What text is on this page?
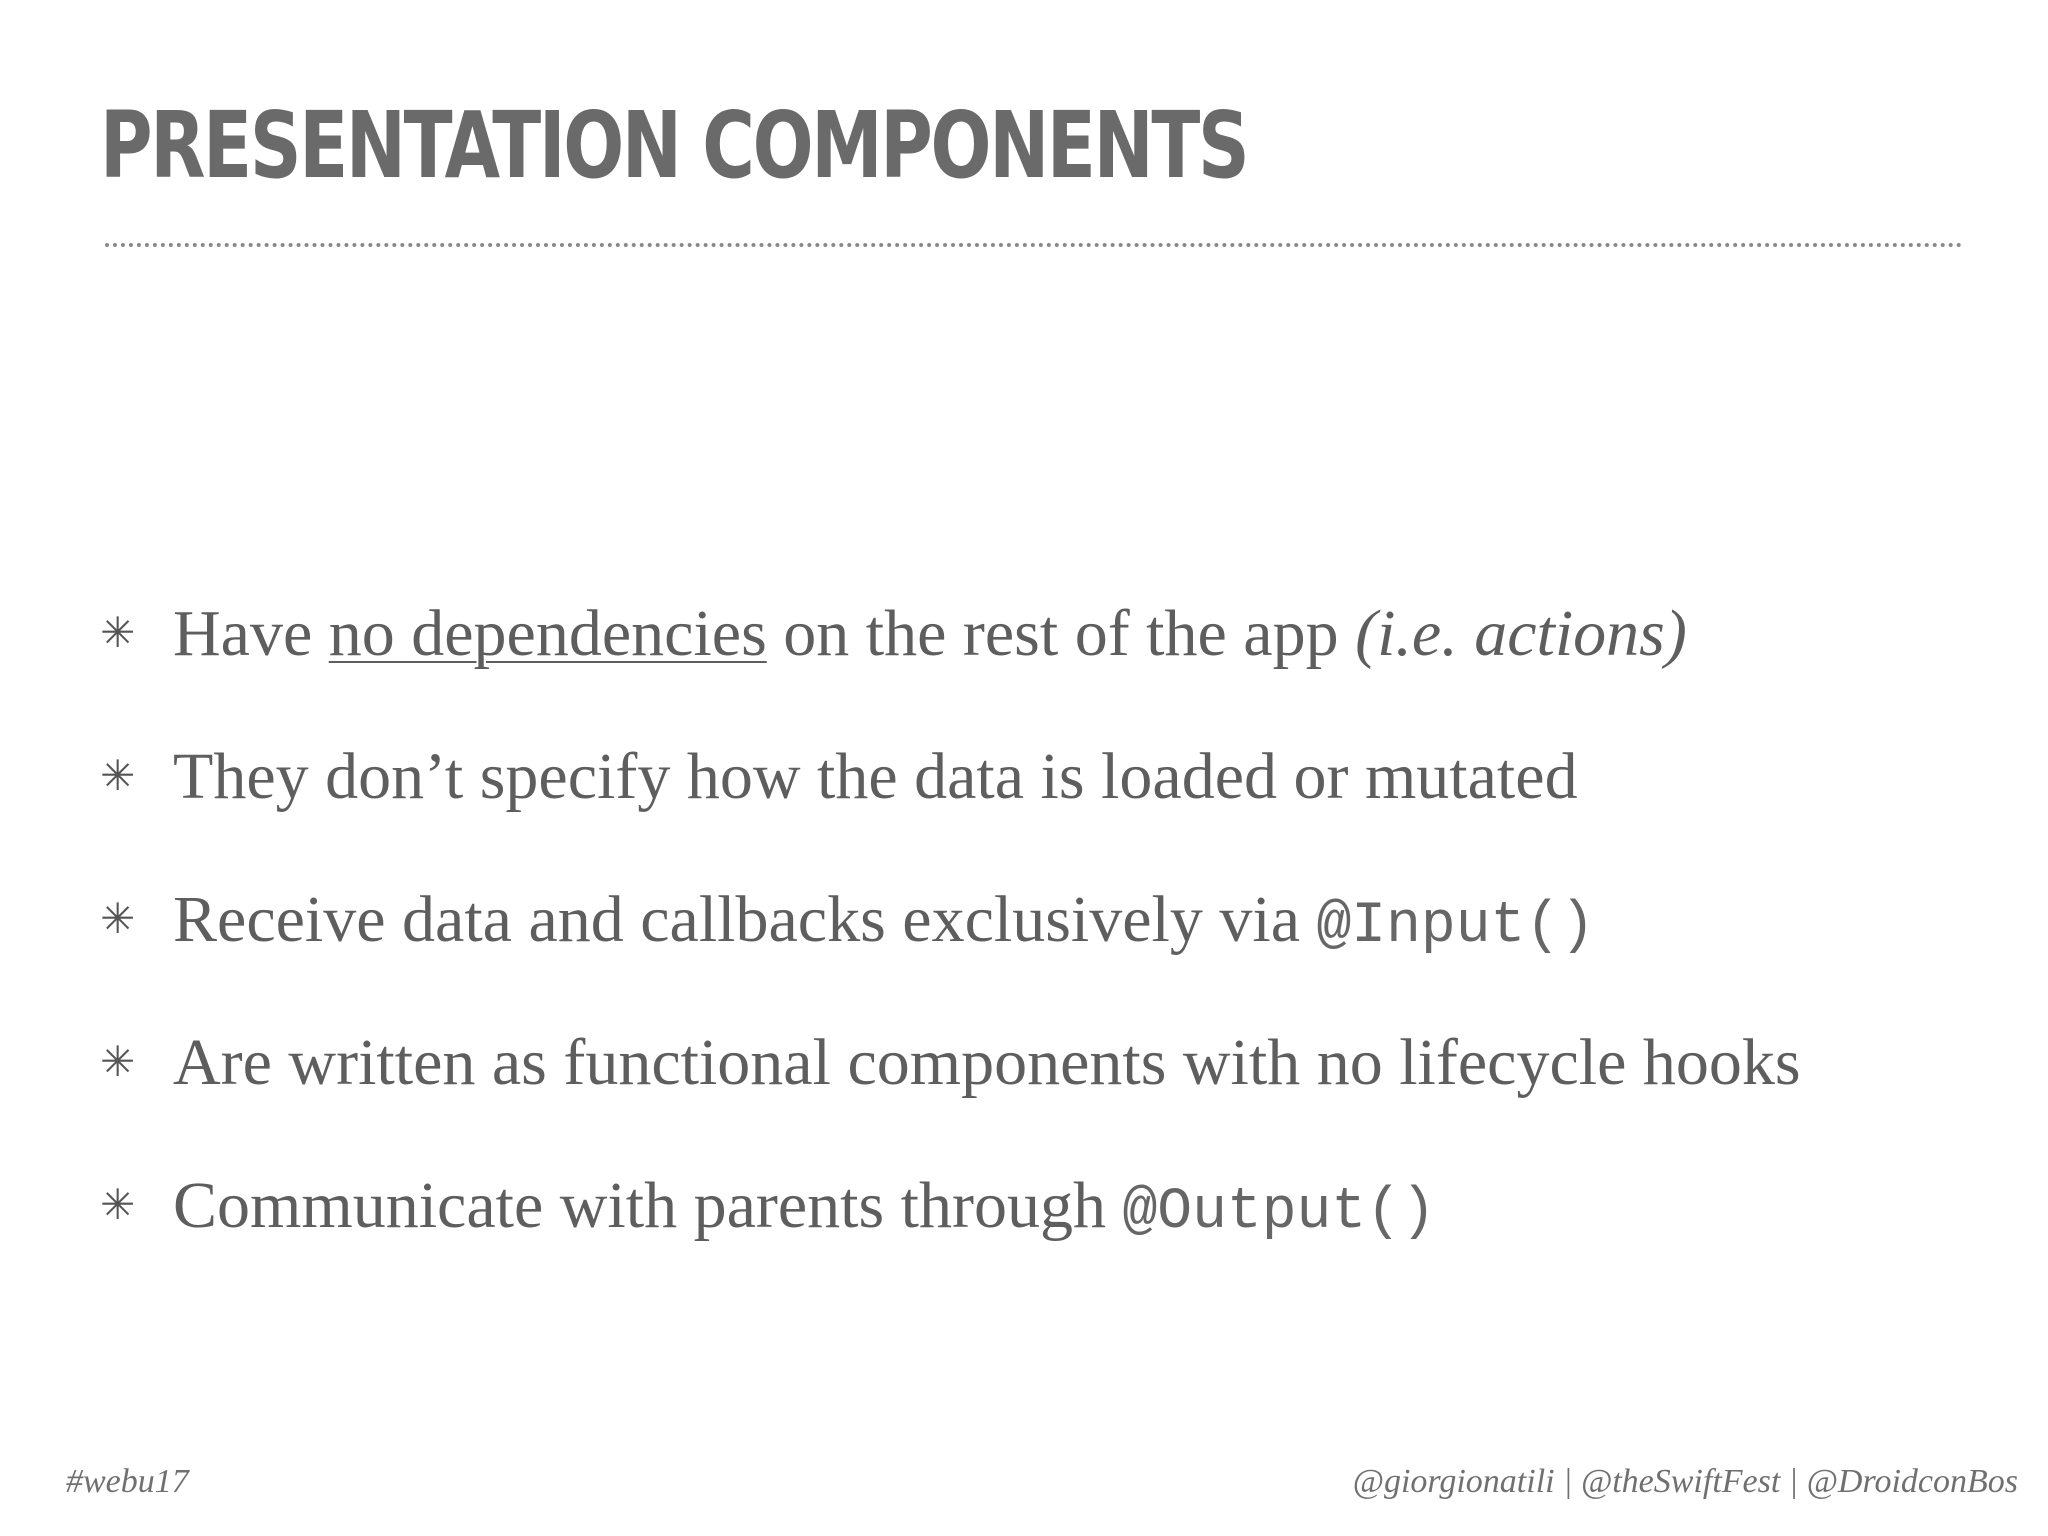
PRESENTATION COMPONENTS
✳ Have no dependencies on the rest of the app (i.e. actions)
✳ They don’t specify how the data is loaded or mutated
✳ Receive data and callbacks exclusively via @Input()
✳ Are written as functional components with no lifecycle hooks
✳ Communicate with parents through @Output()
#webu17	@giorgionatili | @theSwiftFest | @DroidconBos
